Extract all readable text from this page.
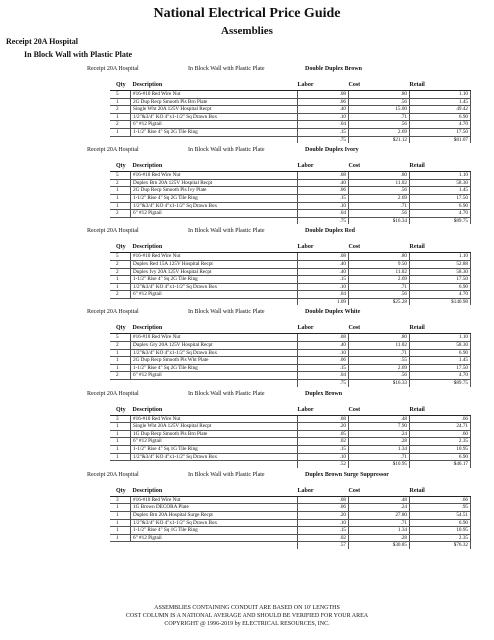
National Electrical Price Guide
Assemblies
Receipt 20A Hospital
In Block Wall with Plastic Plate
Receipt 20A Hospital	In Block Wall with Plastic Plate	Double Duplex Brown
Qty	Description	Labor	Cost	Retail
5	#16-#10 Red Wire Nut	.08	.80	1.10
1	2G Dup Recp Smooth Pls Brn Plate	.06	.56	1.45
2	Single Wht 20A 125V Hospital Recpt	.40	15.00	49.42
1	1/2"&3/4" KO 4"x1-1/2" Sq Drawn Box	.10	.71	6.90
2	6" #12 Pigtail	.04	.56	4.70
1	1-1/2" Rise 4" Sq 2G Tile Ring	.15	2.69	17.50
		.75	$21.12	$81.07
Receipt 20A Hospital	In Block Wall with Plastic Plate	Double Duplex Ivory
Qty	Description	Labor	Cost	Retail
5	#16-#10 Red Wire Nut	.08	.80	1.10
2	Duplex Brn 20A 125V Hospital Recpt	.40	11.02	58.30
1	2G Dup Recp Smooth Pls Ivy Plate	.06	.56	1.45
1	1-1/2" Rise 4" Sq 2G Tile Ring	.15	2.69	17.50
1	1/2"&3/4" KO 4"x1-1/2" Sq Drawn Box	.10	.71	6.90
2	6" #12 Pigtail	.04	.56	4.70
		.75	$16.34	$89.75
Receipt 20A Hospital	In Block Wall with Plastic Plate	Double Duplex Red
Qty	Description	Labor	Cost	Retail
5	#16-#10 Red Wire Nut	.08	.80	1.10
2	Duplex Red 15A 125V Hospital Recpt	.40	9.50	52.88
2	Duplex Ivy 20A 125V Hospital Recpt	.40	11.02	58.30
1	1-1/2" Rise 4" Sq 2G Tile Ring	.15	2.69	17.50
1	1/2"&3/4" KO 4"x1-1/2" Sq Drawn Box	.10	.71	6.90
2	6" #12 Pigtail	.04	.56	4.70
		1.09	$25.28	$140.98
Receipt 20A Hospital	In Block Wall with Plastic Plate	Double Duplex White
Qty	Description	Labor	Cost	Retail
5	#16-#10 Red Wire Nut	.08	.80	1.10
2	Duplex Gry 20A 125V Hospital Recpt	.40	11.02	58.30
1	1/2"&3/4" KO 4"x1-1/2" Sq Drawn Box	.10	.71	6.90
1	2G Dup Recp Smooth Pls Wht Plate	.06	.55	1.45
1	1-1/2" Rise 4" Sq 2G Tile Ring	.15	2.69	17.50
2	6" #12 Pigtail	.04	.56	4.70
		.75	$16.33	$89.75
Receipt 20A Hospital	In Block Wall with Plastic Plate	Duplex Brown
Qty	Description	Labor	Cost	Retail
3	#16-#10 Red Wire Nut	.08	.48	.66
1	Single Wht 20A 125V Hospital Recpt	.20	7.90	24.71
1	1G Dup Recp Smooth Pls Brn Plate	.05	.24	.60
1	6" #12 Pigtail	.02	.28	2.35
1	1-1/2" Rise 4" Sq 1G Tile Ring	.15	1.34	10.95
1	1/2"&3/4" KO 4"x1-1/2" Sq Drawn Box	.10	.71	6.90
		.52	$10.95	$46.17
Receipt 20A Hospital	In Block Wall with Plastic Plate	Duplex Brown Surge Suppressor
Qty	Description	Labor	Cost	Retail
3	#16-#10 Red Wire Nut	.08	.48	.66
1	1G Brown DECORA Plate	.06	.24	.95
1	Duplex Brn 20A Hospital Surge Recpt	.20	27.80	54.51
1	1/2"&3/4" KO 4"x1-1/2" Sq Drawn Box	.10	.71	6.90
1	1-1/2" Rise 4" Sq 1G Tile Ring	.15	1.34	10.95
1	6" #12 Pigtail	.02	.28	2.35
		.57	$30.85	$76.32
ASSEMBLIES CONTAINING CONDUIT ARE BASED ON 10' LENGTHS
COST COLUMN IS A NATIONAL AVERAGE AND SHOULD BE VERIFIED FOR YOUR AREA
COPYRIGHT @ 1996-2019 by ELECTRICAL RESOURCES, INC.
